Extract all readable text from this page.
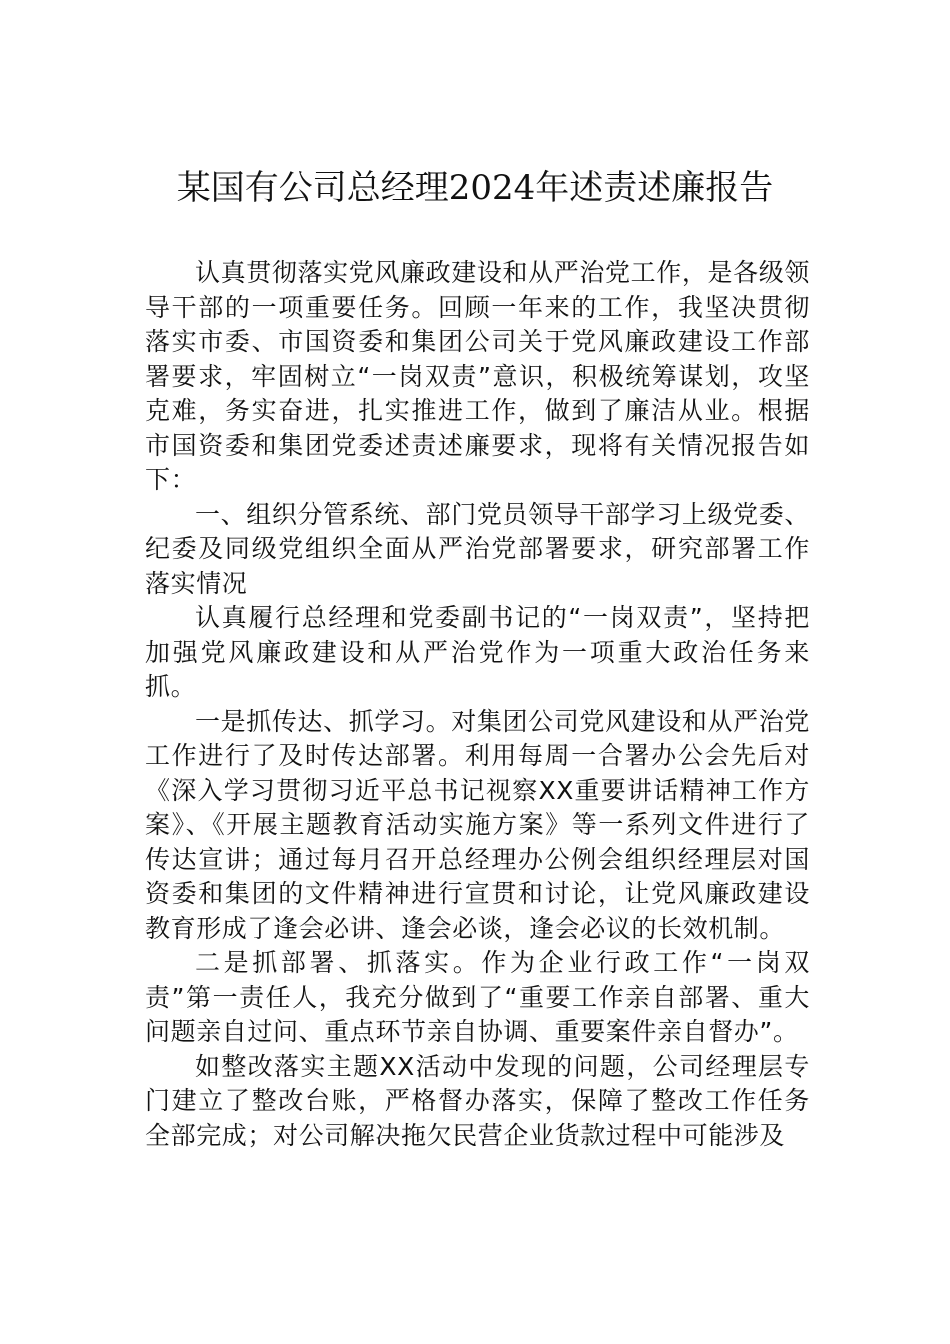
某国有公司总经理2024年述责述廉报告

认真贯彻落实党风廉政建设和从严治党工作，是各级领导干部的一项重要任务。回顾一年来的工作，我坚决贯彻落实市委、市国资委和集团公司关于党风廉政建设工作部署要求，牢固树立“一岗双责”意识，积极统筹谋划，攻坚克难，务实奋进，扎实推进工作，做到了廉洁从业。根据市国资委和集团党委述责述廉要求，现将有关情况报告如下：

一、组织分管系统、部门党员领导干部学习上级党委、纪委及同级党组织全面从严治党部署要求，研究部署工作落实情况

认真履行总经理和党委副书记的“一岗双责”，坚持把加强党风廉政建设和从严治党作为一项重大政治任务来抓。

一是抓传达、抓学习。对集团公司党风建设和从严治党工作进行了及时传达部署。利用每周一合署办公会先后对《深入学习贯彻习近平总书记视察XX重要讲话精神工作方案》、《开展主题教育活动实施方案》等一系列文件进行了传达宣讲；通过每月召开总经理办公例会组织经理层对国资委和集团的文件精神进行宣贯和讨论，让党风廉政建设教育形成了逢会必讲、逢会必谈，逢会必议的长效机制。

二是抓部署、抓落实。作为企业行政工作“一岗双责”第一责任人，我充分做到了“重要工作亲自部署、重大问题亲自过问、重点环节亲自协调、重要案件亲自督办”。

如整改落实主题XX活动中发现的问题，公司经理层专门建立了整改台账，严格督办落实，保障了整改工作任务全部完成；对公司解决拖欠民营企业货款过程中可能涉及
